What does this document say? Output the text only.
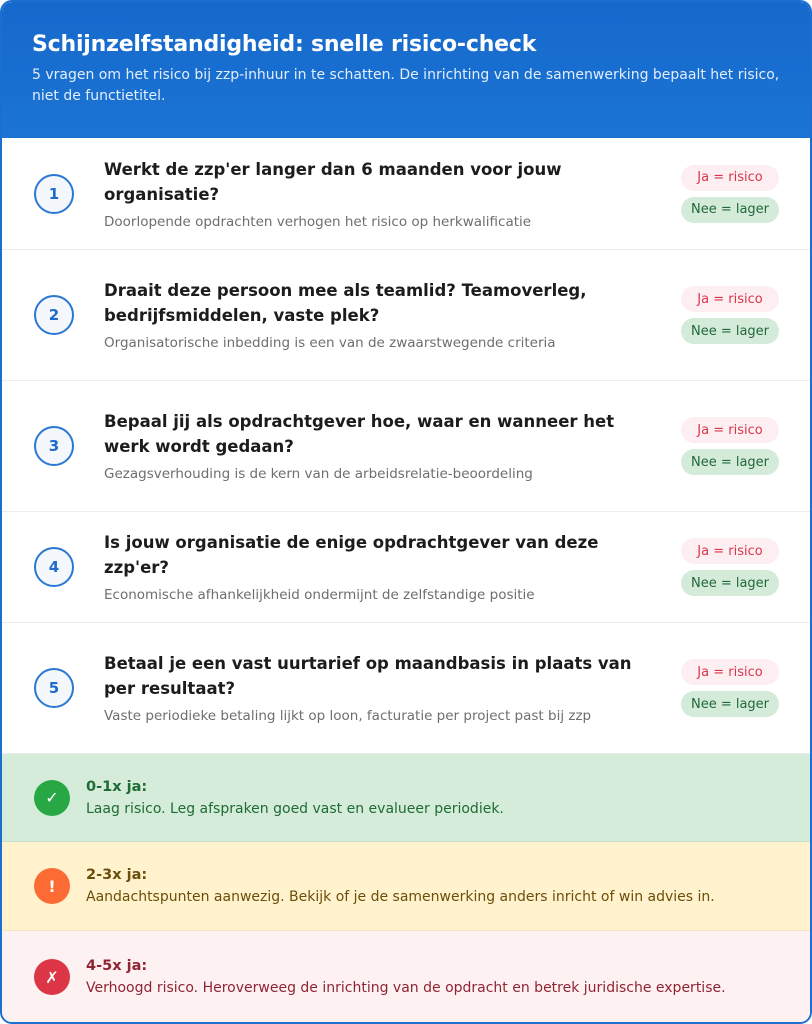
Schijnzelfstandigheid: snelle risico-check

5 vragen om het risico bij zzp-inhuur in te schatten. De inrichting van de samenwerking bepaalt het risico, niet de functietitel.

1
Werkt de zzp'er langer dan 6 maanden voor jouw organisatie?
Doorlopende opdrachten verhogen het risico op herkwalificatie
Ja = risico
Nee = lager
2
Draait deze persoon mee als teamlid? Teamoverleg, bedrijfsmiddelen, vaste plek?
Organisatorische inbedding is een van de zwaarstwegende criteria
Ja = risico
Nee = lager
3
Bepaal jij als opdrachtgever hoe, waar en wanneer het werk wordt gedaan?
Gezagsverhouding is de kern van de arbeidsrelatie-beoordeling
Ja = risico
Nee = lager
4
Is jouw organisatie de enige opdrachtgever van deze zzp'er?
Economische afhankelijkheid ondermijnt de zelfstandige positie
Ja = risico
Nee = lager
5
Betaal je een vast uurtarief op maandbasis in plaats van per resultaat?
Vaste periodieke betaling lijkt op loon, facturatie per project past bij zzp
Ja = risico
Nee = lager
✓
0-1x ja:
Laag risico. Leg afspraken goed vast en evalueer periodiek.
!
2-3x ja:
Aandachtspunten aanwezig. Bekijk of je de samenwerking anders inricht of win advies in.
✗
4-5x ja:
Verhoogd risico. Heroverweeg de inrichting van de opdracht en betrek juridische expertise.
